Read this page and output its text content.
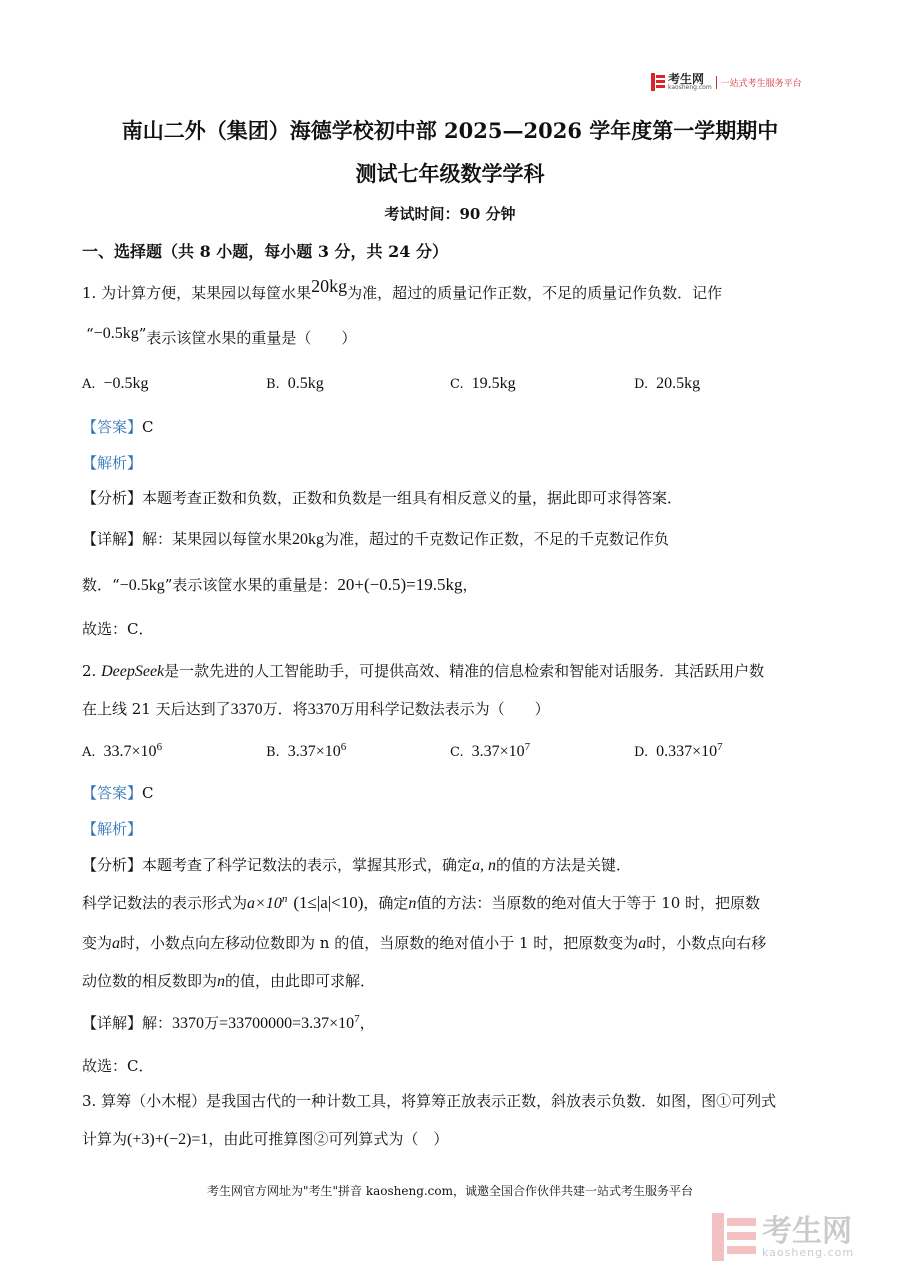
考生网
kaosheng.com	一站式考生服务平台
南山二外（集团）海德学校初中部 2025—2026 学年度第一学期期中
测试七年级数学学科
考试时间：90 分钟
一、选择题（共 8 小题，每小题 3 分，共 24 分）
1. 为计算方便，某果园以每筐水果20kg为准，超过的质量记作正数，不足的质量记作负数．记作
“−0.5kg”表示该筐水果的重量是（　　）
A. −0.5kg	B. 0.5kg	C. 19.5kg	D. 20.5kg
【答案】C
【解析】
【分析】本题考查正数和负数，正数和负数是一组具有相反意义的量，据此即可求得答案．
【详解】解：某果园以每筐水果20kg为准，超过的千克数记作正数，不足的千克数记作负
数．“−0.5kg”表示该筐水果的重量是：20+(−0.5)=19.5kg，
故选：C．
2. DeepSeek是一款先进的人工智能助手，可提供高效、精准的信息检索和智能对话服务．其活跃用户数
在上线 21 天后达到了3370万．将3370万用科学记数法表示为（　　）
A. $33.7\times 10^6$	B. $3.37\times 10^6$	C. $3.37\times 10^7$	D. $0.337\times 10^7$
【答案】C
【解析】
【分析】本题考查了科学记数法的表示，掌握其形式，确定a, n的值的方法是关键．
科学记数法的表示形式为$a\times 10^n$ (1≤|a|<10)，确定n值的方法：当原数的绝对值大于等于 10 时，把原数
变为a时，小数点向左移动位数即为 n 的值，当原数的绝对值小于 1 时，把原数变为a时，小数点向右移
动位数的相反数即为n的值，由此即可求解．
【详解】解：3370万$=33700000=3.37\times 10^7$，
故选：C．
3. 算筹（小木棍）是我国古代的一种计数工具，将算筹正放表示正数，斜放表示负数．如图，图①可列式
计算为(+3)+(−2)=1，由此可推算图②可列算式为（　）
考生网官方网址为"考生"拼音 kaosheng.com，诚邀全国合作伙伴共建一站式考生服务平台
考生网
kaosheng.com
